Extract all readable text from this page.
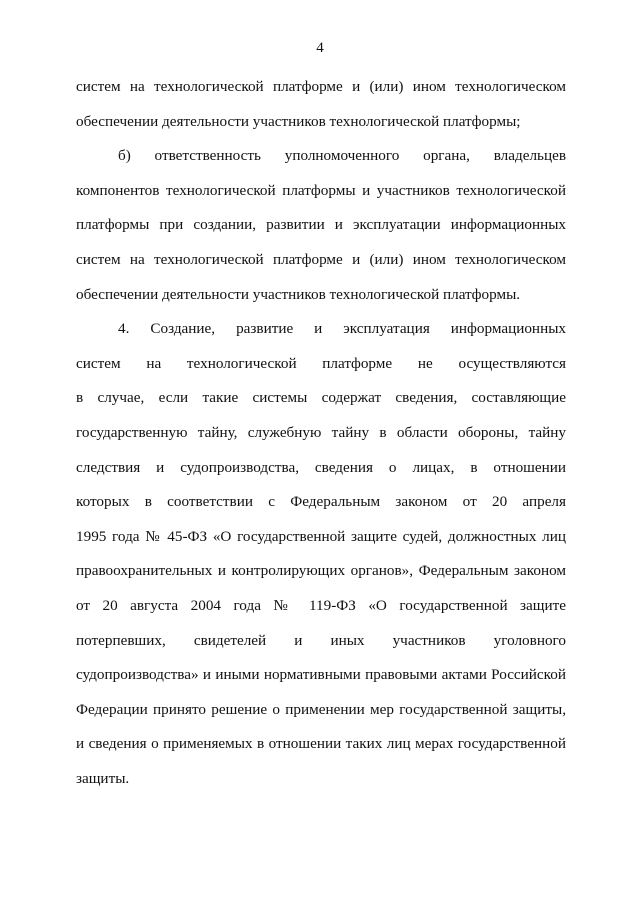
4
систем на технологической платформе и (или) ином технологическом
обеспечении деятельности участников технологической платформы;
б) ответственность уполномоченного органа, владельцев
компонентов технологической платформы и участников технологической
платформы при создании, развитии и эксплуатации информационных
систем на технологической платформе и (или) ином технологическом
обеспечении деятельности участников технологической платформы.
4. Создание, развитие и эксплуатация информационных
систем на технологической платформе не осуществляются
в случае, если такие системы содержат сведения, составляющие
государственную тайну, служебную тайну в области обороны, тайну
следствия и судопроизводства, сведения о лицах, в отношении
которых в соответствии с Федеральным законом от 20 апреля
1995 года № 45-ФЗ «О государственной защите судей, должностных лиц
правоохранительных и контролирующих органов», Федеральным законом
от 20 августа 2004 года № 119-ФЗ «О государственной защите
потерпевших, свидетелей и иных участников уголовного
судопроизводства» и иными нормативными правовыми актами Российской
Федерации принято решение о применении мер государственной защиты,
и сведения о применяемых в отношении таких лиц мерах государственной
защиты.
